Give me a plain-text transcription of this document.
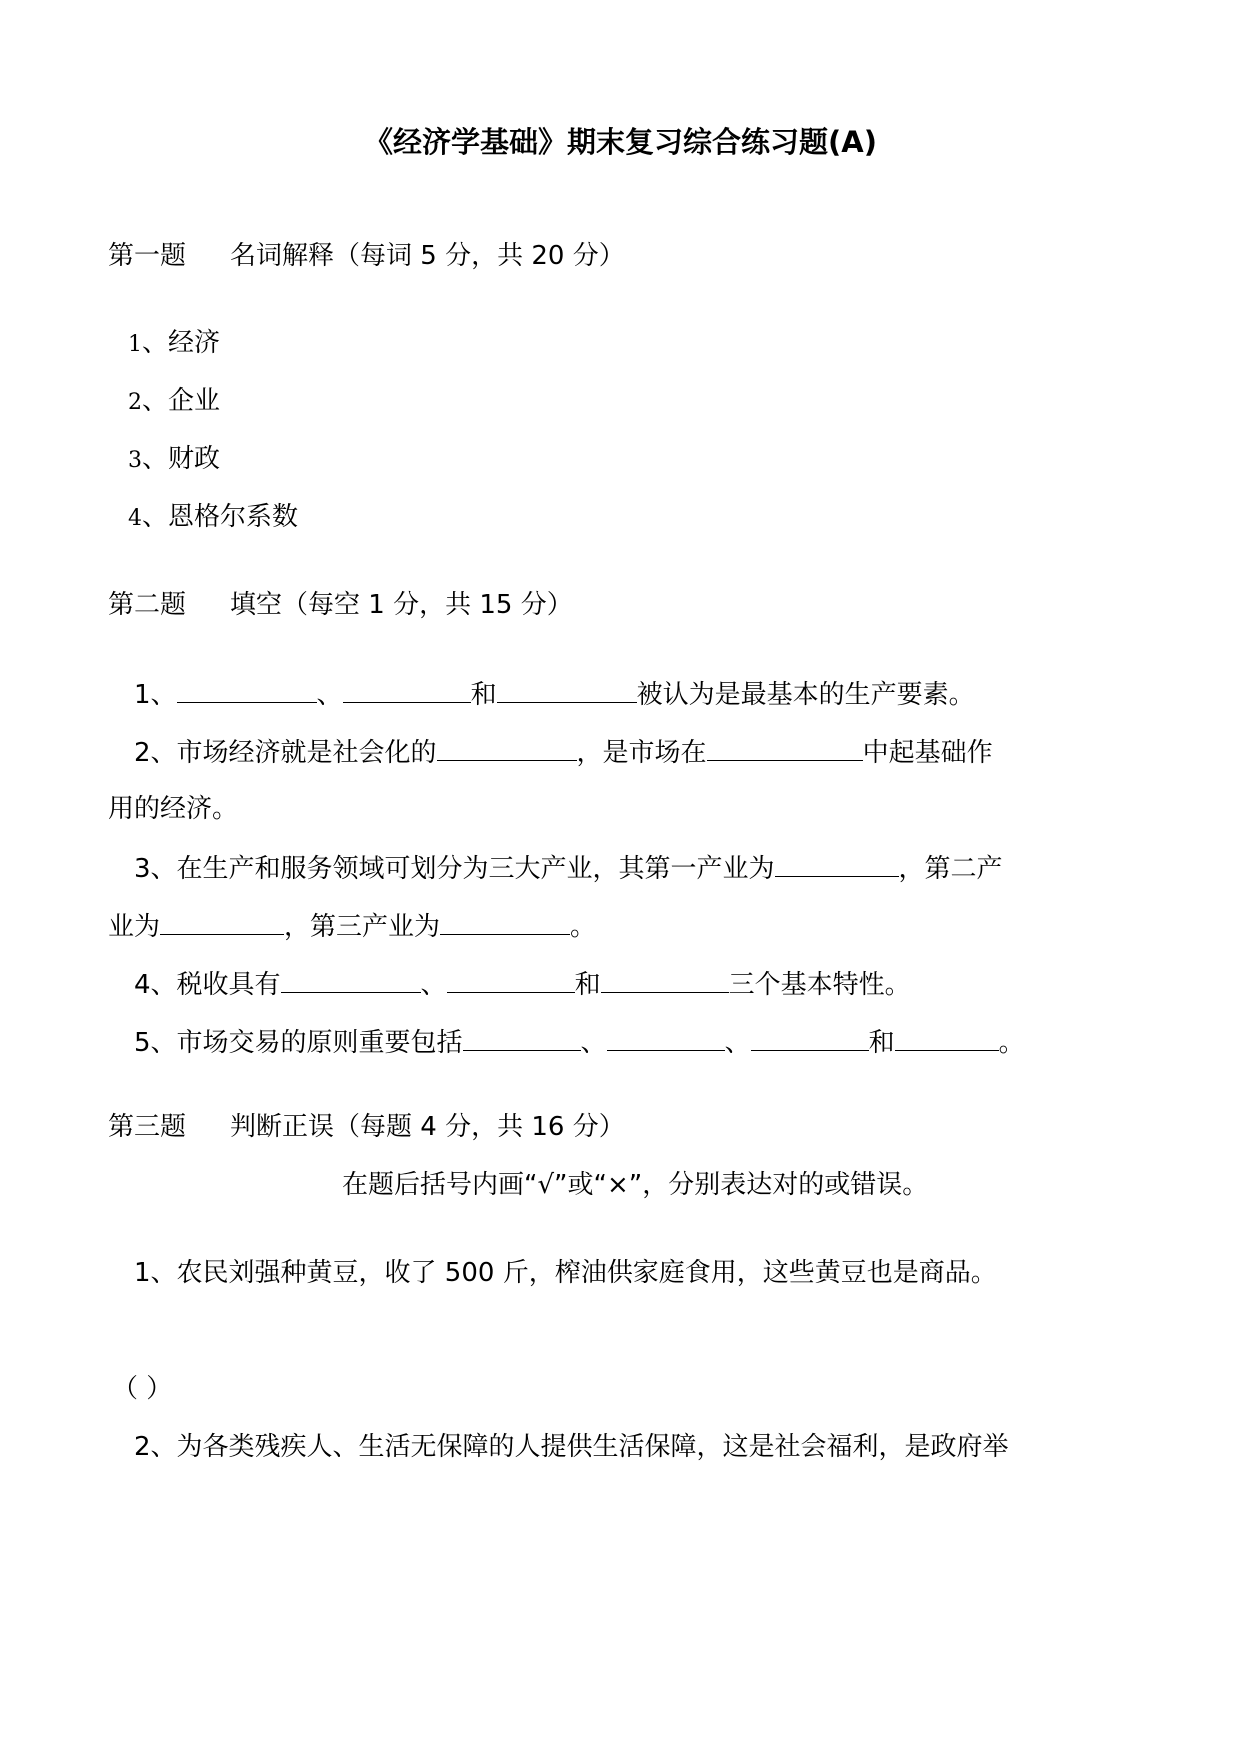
《经济学基础》期末复习综合练习题(A)
第一题 名词解释（每词 5 分，共 20 分）
1、经济
2、企业
3、财政
4、恩格尔系数
第二题 填空（每空 1 分，共 15 分）
1、	、	和	被认为是最基本的生产要素。
2、市场经济就是社会化的	，是市场在	中起基础作
用的经济。
3、在生产和服务领域可划分为三大产业，其第一产业为	，第二产
业为	，第三产业为	。
4、税收具有	、	和	三个基本特性。
5、市场交易的原则重要包括	、	、	和	。
第三题 判断正误（每题 4 分，共 16 分）
在题后括号内画“√”或“×”，分别表达对的或错误。
1、农民刘强种黄豆，收了 500 斤，榨油供家庭食用，这些黄豆也是商品。
（ ）
2、为各类残疾人、生活无保障的人提供生活保障，这是社会福利，是政府举
